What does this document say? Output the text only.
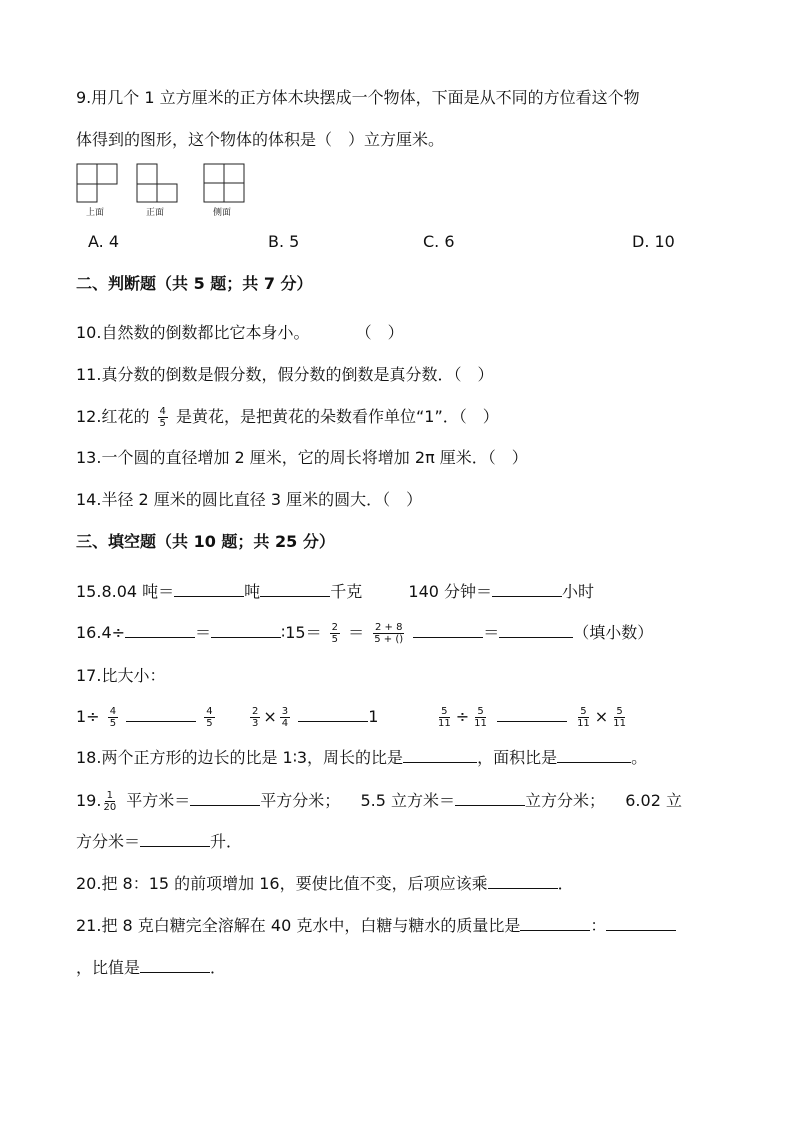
9.用几个 1 立方厘米的正方体木块摆成一个物体，下面是从不同的方位看这个物
体得到的图形，这个物体的体积是（　）立方厘米。
上面	正面	侧面
A. 4	B. 5	C. 6	D. 10
二、判断题（共 5 题；共 7 分）
10.自然数的倒数都比它本身小。	（　）
11.真分数的倒数是假分数，假分数的倒数是真分数．（　）
12.红花的 $\frac{4}{5}$ 是黄花，是把黄花的朵数看作单位“1”．（　）
13.一个圆的直径增加 2 厘米，它的周长将增加 2π 厘米．（　）
14.半径 2 厘米的圆比直径 3 厘米的圆大．（　）
三、填空题（共 10 题；共 25 分）
15.8.04 吨＝	吨	千克	140 分钟＝	小时
16.4÷	＝	∶15＝ $\frac{2}{5} = \frac{2 + 8}{5 + ()}$	＝	（填小数）
17.比大小：
$1\div \frac{4}{5}$
	$\frac{4}{5}$	$\frac{2}{3} \times \frac{3}{4}$	1	$\frac{5}{11} \div \frac{5}{11}$
	$\frac{5}{11} \times \frac{5}{11}$
18.两个正方形的边长的比是 1∶3，周长的比是	，面积比是	。
19. $\frac{1}{20}$ 平方米＝	平方分米； 5.5 立方米＝	立方分米； 6.02 立
方分米＝	升．
20.把 8：15 的前项增加 16，要使比值不变，后项应该乘	．
21.把 8 克白糖完全溶解在 40 克水中，白糖与糖水的质量比是	：
，比值是	．
